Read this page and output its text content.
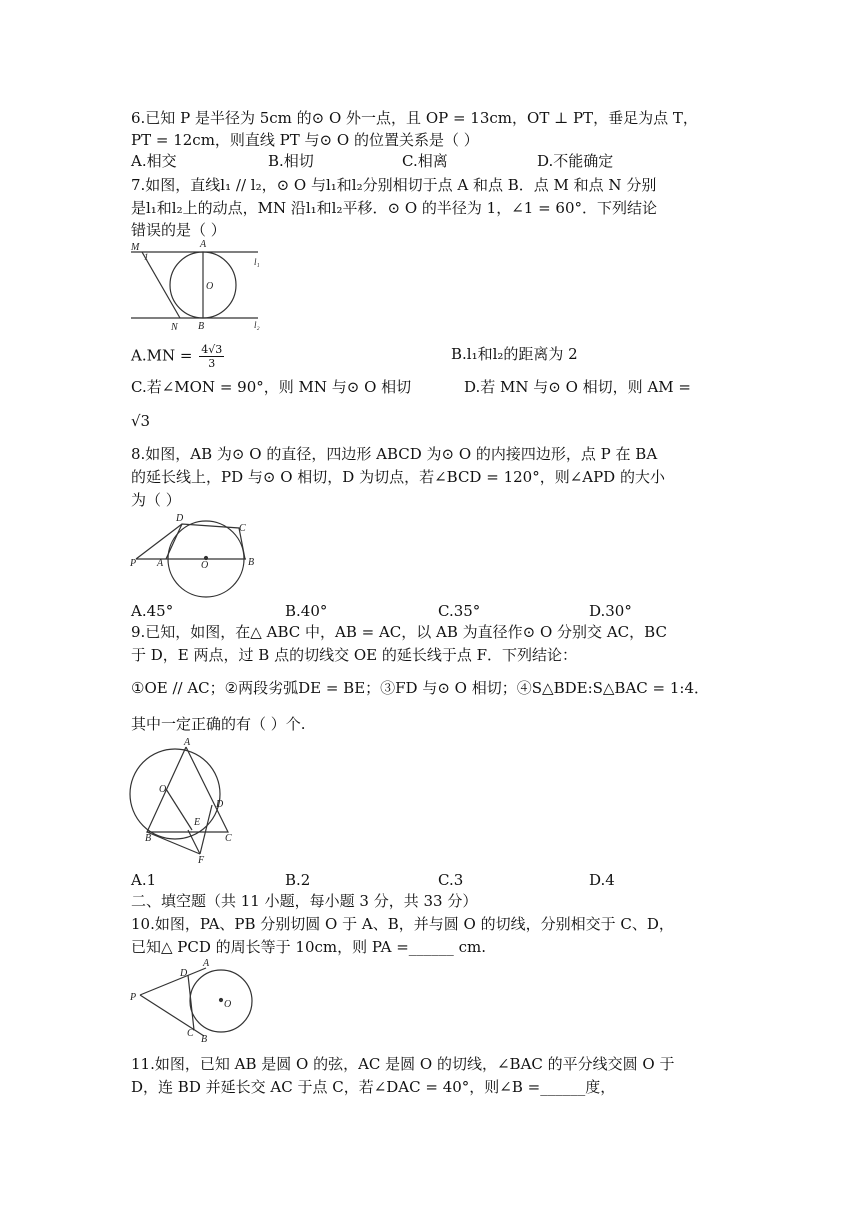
6.已知 P 是半径为 5cm 的⊙ O 外一点，且 OP = 13cm，OT ⊥ PT，垂足为点 T，
PT = 12cm，则直线 PT 与⊙ O 的位置关系是（ ）
A.相交	B.相切	C.相离	D.不能确定
7.如图，直线l₁ // l₂，⊙ O 与l₁和l₂分别相切于点 A 和点 B．点 M 和点 N 分别
是l₁和l₂上的动点，MN 沿l₁和l₂平移．⊙ O 的半径为 1，∠1 = 60°．下列结论
错误的是（ ）
M
1
A
l₁
O
N B	l₂
$A.MN = \frac{4√3}{3}$	B.l₁和l₂的距离为 2
C.若∠MON = 90°，则 MN 与⊙ O 相切	D.若 MN 与⊙ O 相切，则 AM =
√3
8.如图，AB 为⊙ O 的直径，四边形 ABCD 为⊙ O 的内接四边形，点 P 在 BA
的延长线上，PD 与⊙ O 相切，D 为切点，若∠BCD = 120°，则∠APD 的大小
为（ ）
D
C
P A	O	B
A.45°	B.40°	C.35°	D.30°
9.已知，如图，在△ ABC 中，AB = AC，以 AB 为直径作⊙ O 分别交 AC，BC
于 D，E 两点，过 B 点的切线交 OE 的延长线于点 F．下列结论：
①OE // AC；②两段劣弧DE = BE；③FD 与⊙ O 相切；④S△BDE:S△BAC = 1:4．
其中一定正确的有（ ）个.
A
O
D
E
B	C
F
A.1	B.2	C.3	D.4
二、填空题（共 11 小题，每小题 3 分，共 33 分）
10.如图，PA、PB 分别切圆 O 于 A、B，并与圆 O 的切线，分别相交于 C、D，
已知△ PCD 的周长等于 10cm，则 PA =______ cm.
A
D
P
O
C
B
11.如图，已知 AB 是圆 O 的弦，AC 是圆 O 的切线，∠BAC 的平分线交圆 O 于
D，连 BD 并延长交 AC 于点 C，若∠DAC = 40°，则∠B =______度，
